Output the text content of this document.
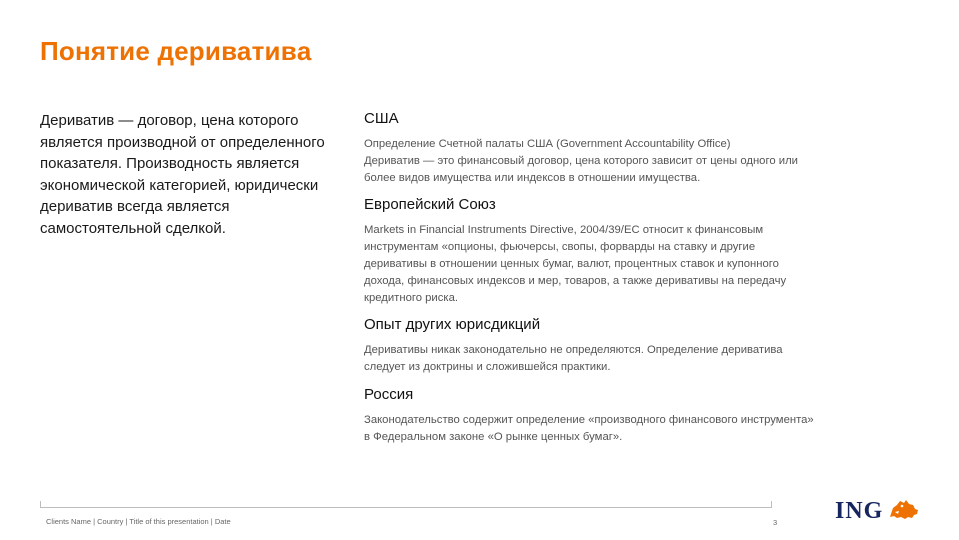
Понятие деривативa
Дериватив — договор, цена которого является производной от определенного показателя. Производность является экономической категорией, юридически дериватив всегда является самостоятельной сделкой.
США
Определение Счетной палаты США (Government Accountability Office)
Дериватив — это финансовый договор, цена которого зависит от цены одного или
более видов имущества или индексов в отношении имущества.
Европейский Союз
Markets in Financial Instruments Directive, 2004/39/EC относит к финансовым
инструментам «опционы, фьючерсы, свопы, форварды на ставку и другие
деривативы в отношении ценных бумаг, валют, процентных ставок и купонного
дохода, финансовых индексов и мер, товаров, а также деривативы на передачу
кредитного риска.
Опыт других юрисдикций
Деривативы никак законодательно не определяются. Определение дериватива
следует из доктрины и сложившейся практики.
Россия
Законодательство содержит определение «производного финансового инструмента»
в Федеральном законе «О рынке ценных бумаг».
Clients Name | Country | Title of this presentation | Date	3 ING
